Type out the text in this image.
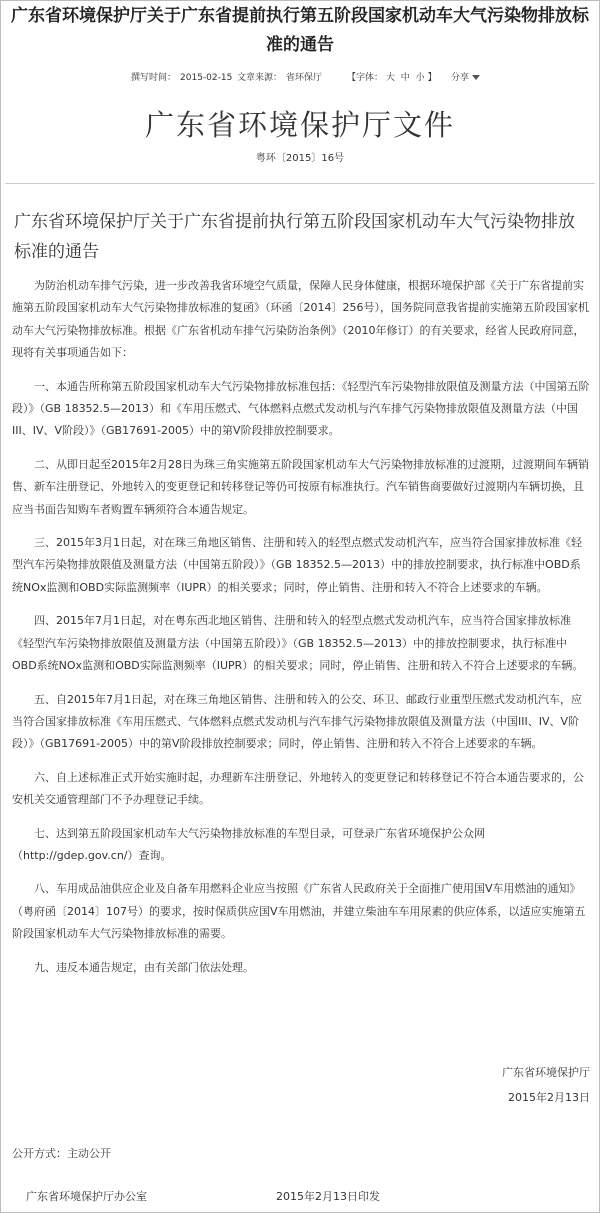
广东省环境保护厅关于广东省提前执行第五阶段国家机动车大气污染物排放标准的通告
撰写时间： 2015-02-15 文章来源： 省环保厅	【字体： 大 中 小 】 分享
广东省环境保护厅文件
粤环〔2015〕16号
广东省环境保护厅关于广东省提前执行第五阶段国家机动车大气污染物排放标准的通告

为防治机动车排气污染，进一步改善我省环境空气质量，保障人民身体健康，根据环境保护部《关于广东省提前实施第五阶段国家机动车大气污染物排放标准的复函》（环函〔2014〕256号），国务院同意我省提前实施第五阶段国家机动车大气污染物排放标准。根据《广东省机动车排气污染防治条例》（2010年修订）的有关要求，经省人民政府同意，现将有关事项通告如下：

一、本通告所称第五阶段国家机动车大气污染物排放标准包括：《轻型汽车污染物排放限值及测量方法（中国第五阶段）》（GB 18352.5—2013）和《车用压燃式、气体燃料点燃式发动机与汽车排气污染物排放限值及测量方法（中国III、IV、V阶段）》（GB17691-2005）中的第V阶段排放控制要求。

二、从即日起至2015年2月28日为珠三角实施第五阶段国家机动车大气污染物排放标准的过渡期，过渡期间车辆销售、新车注册登记、外地转入的变更登记和转移登记等仍可按原有标准执行。汽车销售商要做好过渡期内车辆切换，且应当书面告知购车者购置车辆须符合本通告规定。

三、2015年3月1日起，对在珠三角地区销售、注册和转入的轻型点燃式发动机汽车，应当符合国家排放标准《轻型汽车污染物排放限值及测量方法（中国第五阶段）》（GB 18352.5—2013）中的排放控制要求，执行标准中OBD系统NOx监测和OBD实际监测频率（IUPR）的相关要求；同时，停止销售、注册和转入不符合上述要求的车辆。

四、2015年7月1日起，对在粤东西北地区销售、注册和转入的轻型点燃式发动机汽车，应当符合国家排放标准《轻型汽车污染物排放限值及测量方法（中国第五阶段）》（GB 18352.5—2013）中的排放控制要求，执行标准中OBD系统NOx监测和OBD实际监测频率（IUPR）的相关要求；同时，停止销售、注册和转入不符合上述要求的车辆。

五、自2015年7月1日起，对在珠三角地区销售、注册和转入的公交、环卫、邮政行业重型压燃式发动机汽车，应当符合国家排放标准《车用压燃式、气体燃料点燃式发动机与汽车排气污染物排放限值及测量方法（中国III、IV、V阶段）》（GB17691-2005）中的第V阶段排放控制要求；同时，停止销售、注册和转入不符合上述要求的车辆。

六、自上述标准正式开始实施时起，办理新车注册登记、外地转入的变更登记和转移登记不符合本通告要求的，公安机关交通管理部门不予办理登记手续。

七、达到第五阶段国家机动车大气污染物排放标准的车型目录，可登录广东省环境保护公众网（http://gdep.gov.cn/）查询。

八、车用成品油供应企业及自备车用燃料企业应当按照《广东省人民政府关于全面推广使用国V车用燃油的通知》（粤府函〔2014〕107号）的要求，按时保质供应国V车用燃油，并建立柴油车车用尿素的供应体系，以适应实施第五阶段国家机动车大气污染物排放标准的需要。

九、违反本通告规定，由有关部门依法处理。

广东省环境保护厅
2015年2月13日
公开方式：主动公开
广东省环境保护厅办公室	2015年2月13日印发
